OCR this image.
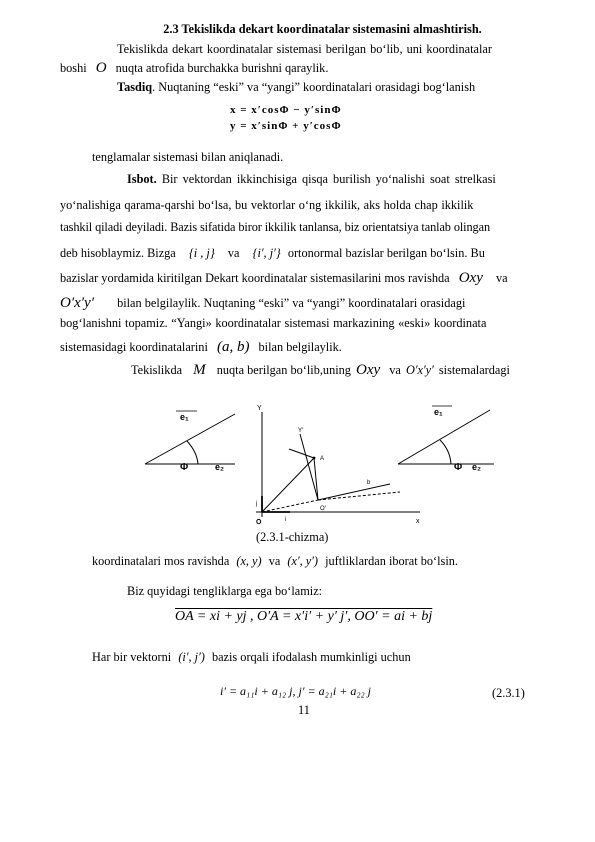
2.3 Tekislikda dekart koordinatalar sistemasini almashtirish.
Tekislikda dekart koordinatalar sistemasi berilgan bo‘lib, uni koordinatalar
boshi O nuqta atrofida burchakka burishni qaraylik.
Tasdiq. Nuqtaning “eski” va “yangi” koordinatalari orasidagi bog‘lanish
x = x′cosΦ − y′sinΦ
y = x′sinΦ + y′cosΦ
tenglamalar sistemasi bilan aniqlanadi.
Isbot. Bir vektordan ikkinchisiga qisqa burilish yo‘nalishi soat strelkasi
yo‘nalishiga qarama-qarshi bo‘lsa, bu vektorlar o‘ng ikkilik, aks holda chap ikkilik
tashkil qiladi deyiladi. Bazis sifatida biror ikkilik tanlansa, biz orientatsiya tanlab olingan
deb hisoblaymiz. Bizga {i , j} va {i′, j′} ortonormal bazislar berilgan bo‘lsin. Bu
bazislar yordamida kiritilgan Dekart koordinatalar sistemasilarini mos ravishda Oxy va
O′x′y′ bilan belgilaylik. Nuqtaning “eski” va “yangi” koordinatalari orasidagi
bog‘lanishni topamiz. “Yangi» koordinatalar sistemasi markazining «eski» koordinata
sistemasidagi koordinatalarini (a, b) bilan belgilaylik.
Tekislikda M nuqta berilgan bo‘lib,uning Oxy va O′x′y′ sistemalardagi
e₁
Φ	e₂
e₁
Φ e₂
Y
x
O
j
i
Y′
b
O′
A
(2.3.1-chizma)
koordinatalari mos ravishda (x, y) va (x′, y′) juftliklardan iborat bo‘lsin.
Biz quyidagi tengliklarga ega bo‘lamiz:
OA = xi + yj , O′A = x′i′ + y′ j′, OO′ = ai + bj
Har bir vektorni (i′, j′) bazis orqali ifodalash mumkinligi uchun
i′ = a₁₁i + a₁₂ j, j′ = a₂₁i + a₂₂ j	(2.3.1)
11
